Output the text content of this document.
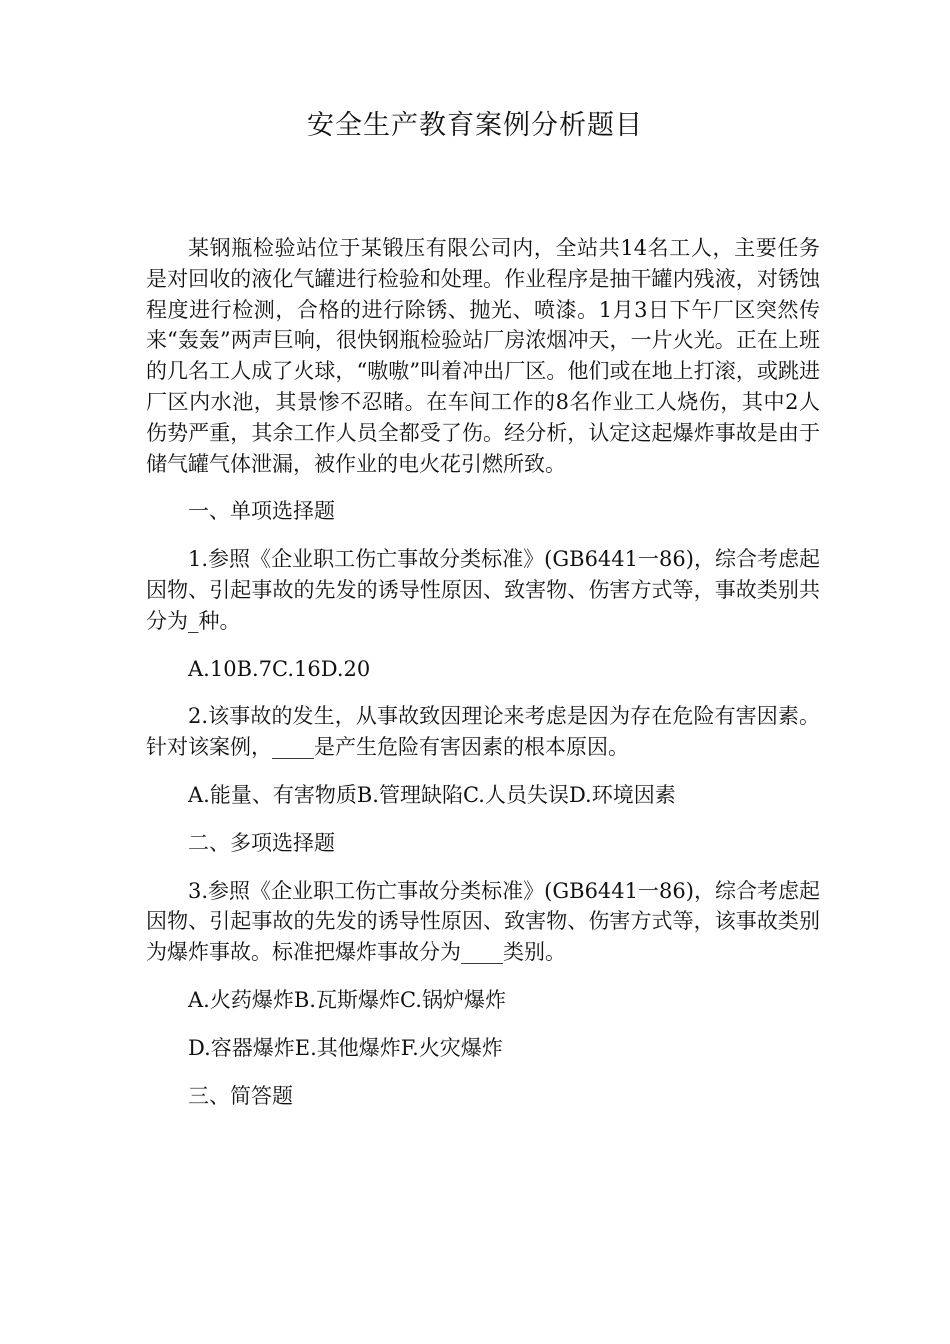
安全生产教育案例分析题目

某钢瓶检验站位于某锻压有限公司内，全站共14名工人，主要任务是对回收的液化气罐进行检验和处理。作业程序是抽干罐内残液，对锈蚀程度进行检测，合格的进行除锈、抛光、喷漆。1月3日下午厂区突然传来“轰轰”两声巨响，很快钢瓶检验站厂房浓烟冲天，一片火光。正在上班的几名工人成了火球，“嗷嗷”叫着冲出厂区。他们或在地上打滚，或跳进厂区内水池，其景惨不忍睹。在车间工作的8名作业工人烧伤，其中2人伤势严重，其余工作人员全都受了伤。经分析，认定这起爆炸事故是由于储气罐气体泄漏，被作业的电火花引燃所致。

一、单项选择题

1.参照《企业职工伤亡事故分类标准》(GB6441一86)，综合考虑起因物、引起事故的先发的诱导性原因、致害物、伤害方式等，事故类别共分为_种。

A.10B.7C.16D.20

2.该事故的发生，从事故致因理论来考虑是因为存在危险有害因素。针对该案例，____是产生危险有害因素的根本原因。

A.能量、有害物质B.管理缺陷C.人员失误D.环境因素

二、多项选择题

3.参照《企业职工伤亡事故分类标准》(GB6441一86)，综合考虑起因物、引起事故的先发的诱导性原因、致害物、伤害方式等，该事故类别为爆炸事故。标准把爆炸事故分为____类别。

A.火药爆炸B.瓦斯爆炸C.锅炉爆炸

D.容器爆炸E.其他爆炸F.火灾爆炸

三、简答题
